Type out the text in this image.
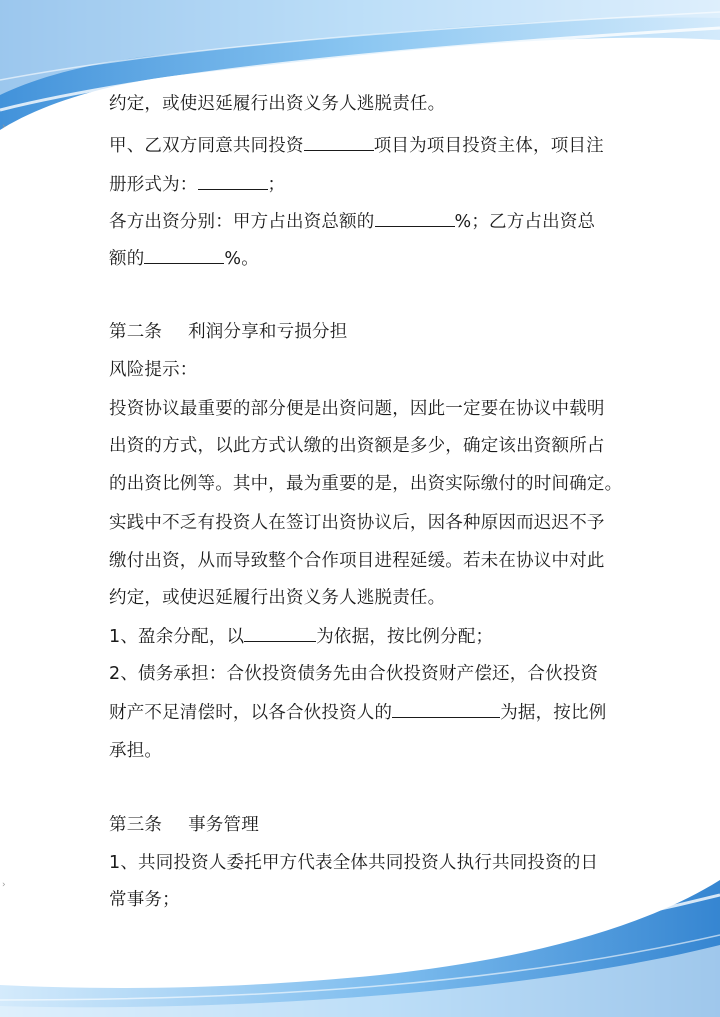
›
›
约定，或使迟延履行出资义务人逃脱责任。
甲、乙双方同意共同投资	项目为项目投资主体，项目注
册形式为：	；
各方出资分别：甲方占出资总额的	%；乙方占出资总
额的	%。
第二条 利润分享和亏损分担
风险提示：
投资协议最重要的部分便是出资问题，因此一定要在协议中载明
出资的方式，以此方式认缴的出资额是多少，确定该出资额所占
的出资比例等。其中，最为重要的是，出资实际缴付的时间确定。
实践中不乏有投资人在签订出资协议后，因各种原因而迟迟不予
缴付出资，从而导致整个合作项目进程延缓。若未在协议中对此
约定，或使迟延履行出资义务人逃脱责任。
1、盈余分配，以	为依据，按比例分配；
2、债务承担：合伙投资债务先由合伙投资财产偿还，合伙投资
财产不足清偿时，以各合伙投资人的	为据，按比例
承担。
第三条 事务管理
1、共同投资人委托甲方代表全体共同投资人执行共同投资的日
常事务；
